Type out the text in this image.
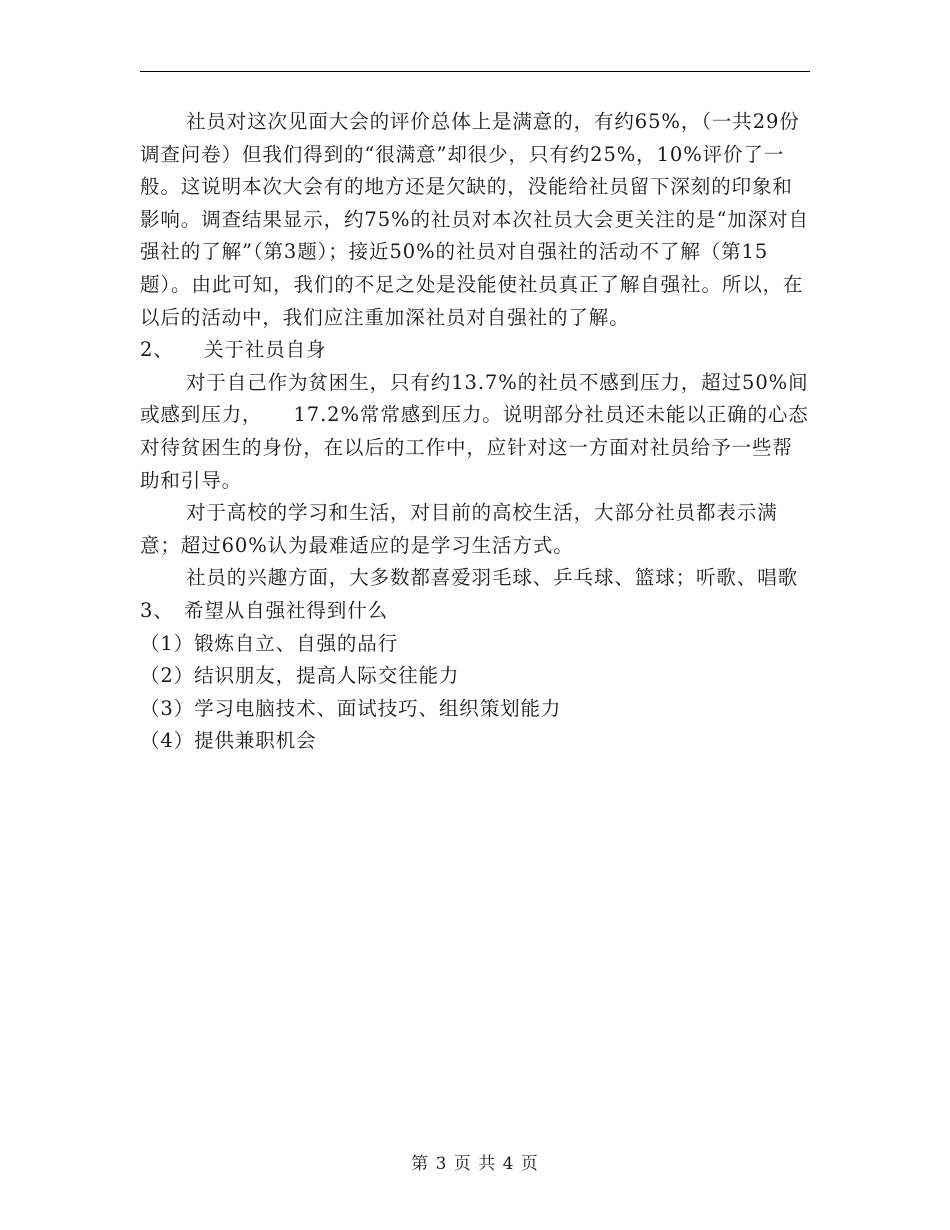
社员对这次见面大会的评价总体上是满意的，有约65%，（一共29份调查问卷）但我们得到的“很满意”却很少，只有约25%，10%评价了一般。这说明本次大会有的地方还是欠缺的，没能给社员留下深刻的印象和影响。调查结果显示，约75%的社员对本次社员大会更关注的是“加深对自强社的了解”（第3题）；接近50%的社员对自强社的活动不了解（第15题）。由此可知，我们的不足之处是没能使社员真正了解自强社。所以，在以后的活动中，我们应注重加深社员对自强社的了解。

2、 关于社员自身

对于自己作为贫困生，只有约13.7%的社员不感到压力，超过50%间或感到压力，　　17.2%常常感到压力。说明部分社员还未能以正确的心态对待贫困生的身份，在以后的工作中，应针对这一方面对社员给予一些帮助和引导。

对于高校的学习和生活，对目前的高校生活，大部分社员都表示满意；超过60%认为最难适应的是学习生活方式。

社员的兴趣方面，大多数都喜爱羽毛球、乒乓球、篮球；听歌、唱歌

3、 希望从自强社得到什么

（1）锻炼自立、自强的品行

（2）结识朋友，提高人际交往能力

（3）学习电脑技术、面试技巧、组织策划能力

（4）提供兼职机会

第 3 页 共 4 页
